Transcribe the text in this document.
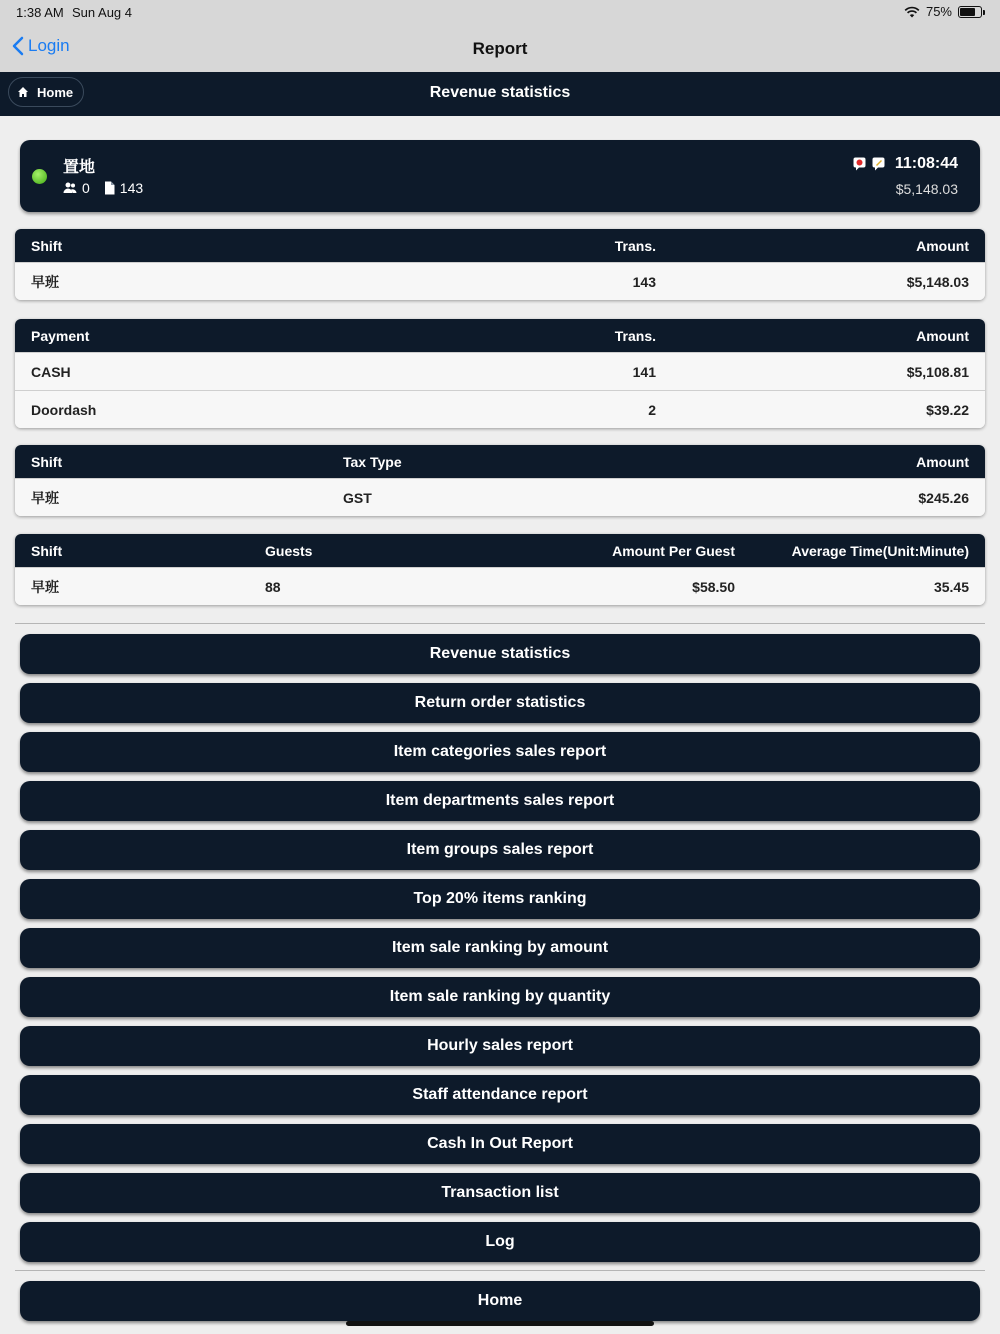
1:38 AM Sun Aug 4	75%
Login	Report
Home	Revenue statistics
置地
0 143
11:08:44
$5,148.03
Shift	Trans.	Amount
早班	143	$5,148.03
Payment	Trans.	Amount
CASH	141	$5,108.81
Doordash	2	$39.22
Shift	Tax Type	Amount
早班	GST	$245.26
Shift	Guests	Amount Per Guest	Average Time(Unit:Minute)
早班	88	$58.50	35.45
Revenue statistics
Return order statistics
Item categories sales report
Item departments sales report
Item groups sales report
Top 20% items ranking
Item sale ranking by amount
Item sale ranking by quantity
Hourly sales report
Staff attendance report
Cash In Out Report
Transaction list
Log
Home
